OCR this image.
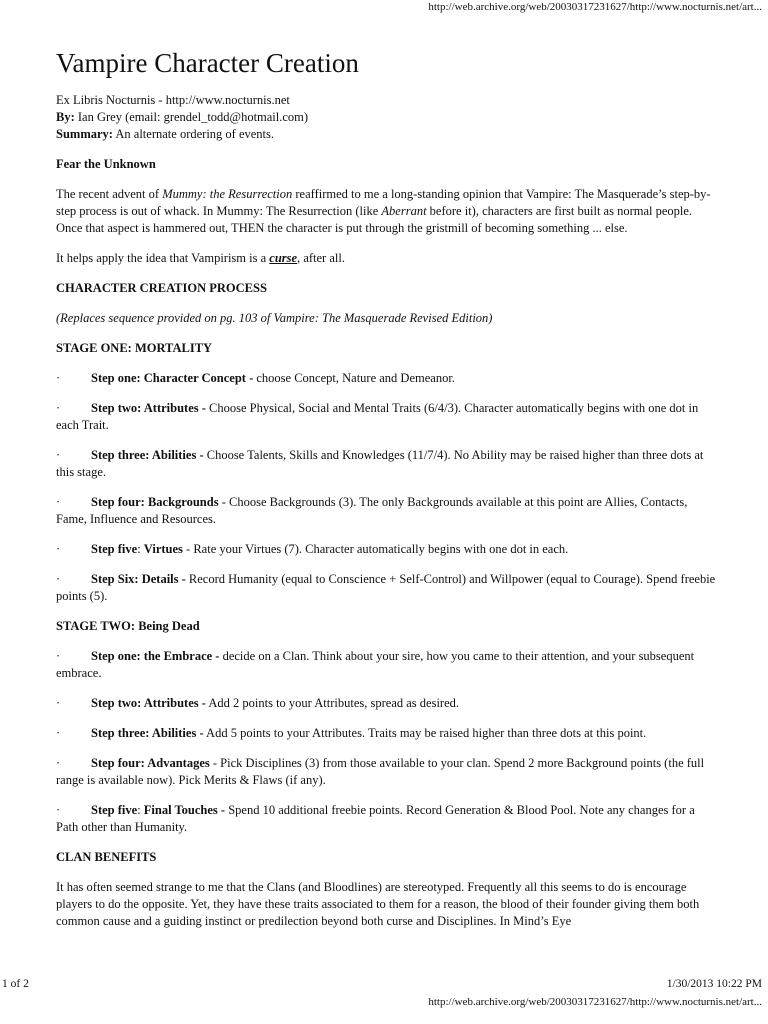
http://web.archive.org/web/20030317231627/http://www.nocturnis.net/art...
Vampire Character Creation
Ex Libris Nocturnis - http://www.nocturnis.net
By: Ian Grey (email: grendel_todd@hotmail.com)
Summary: An alternate ordering of events.
Fear the Unknown

The recent advent of Mummy: the Resurrection reaffirmed to me a long-standing opinion that Vampire: The Masquerade’s step-by-step process is out of whack. In Mummy: The Resurrection (like Aberrant before it), characters are first built as normal people. Once that aspect is hammered out, THEN the character is put through the gristmill of becoming something ... else.

It helps apply the idea that Vampirism is a curse, after all.

CHARACTER CREATION PROCESS

(Replaces sequence provided on pg. 103 of Vampire: The Masquerade Revised Edition)

STAGE ONE: MORTALITY

· Step one: Character Concept - choose Concept, Nature and Demeanor.

· Step two: Attributes - Choose Physical, Social and Mental Traits (6/4/3). Character automatically begins with one dot in each Trait.

· Step three: Abilities - Choose Talents, Skills and Knowledges (11/7/4). No Ability may be raised higher than three dots at this stage.

· Step four: Backgrounds - Choose Backgrounds (3). The only Backgrounds available at this point are Allies, Contacts, Fame, Influence and Resources.

· Step five: Virtues - Rate your Virtues (7). Character automatically begins with one dot in each.

· Step Six: Details - Record Humanity (equal to Conscience + Self-Control) and Willpower (equal to Courage). Spend freebie points (5).

STAGE TWO: Being Dead

· Step one: the Embrace - decide on a Clan. Think about your sire, how you came to their attention, and your subsequent embrace.

· Step two: Attributes - Add 2 points to your Attributes, spread as desired.

· Step three: Abilities - Add 5 points to your Attributes. Traits may be raised higher than three dots at this point.

· Step four: Advantages - Pick Disciplines (3) from those available to your clan. Spend 2 more Background points (the full range is available now). Pick Merits & Flaws (if any).

· Step five: Final Touches - Spend 10 additional freebie points. Record Generation & Blood Pool. Note any changes for a Path other than Humanity.

CLAN BENEFITS

It has often seemed strange to me that the Clans (and Bloodlines) are stereotyped. Frequently all this seems to do is encourage players to do the opposite. Yet, they have these traits associated to them for a reason, the blood of their founder giving them both common cause and a guiding instinct or predilection beyond both curse and Disciplines. In Mind’s Eye

1 of 2	1/30/2013 10:22 PM
http://web.archive.org/web/20030317231627/http://www.nocturnis.net/art...
